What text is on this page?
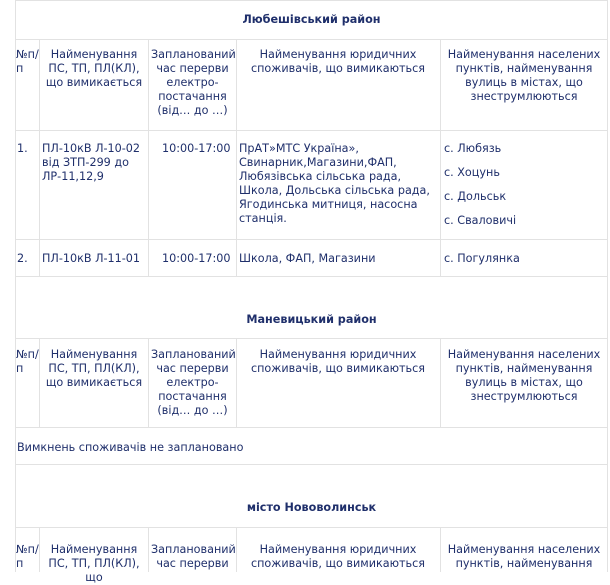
Любешівський район
№п/п
Найменування ПС, ТП, ПЛ(КЛ), що вимикається
Запланований час перерви електро-постачання (від… до …)
Найменування юридичних споживачів, що вимикаються
Найменування населених пунктів, найменування вулиць в містах, що знеструмлюються
1. ПЛ-10кВ Л-10-02 від ЗТП-299 до ЛР-11,12,9
10:00-17:00 ПрАТ»МТС Україна», Свинарник,Магазини,ФАП, Любязівська сільська рада, Школа, Дольська сільська рада, Ягодинська митниця, насосна станція.
с. Любязь
с. Хоцунь
с. Дольськ
с. Сваловичі
2. ПЛ-10кВ Л-11-01	10:00-17:00 Школа, ФАП, Магазини	с. Погулянка
Маневицький район
№п/п
Найменування ПС, ТП, ПЛ(КЛ), що вимикається
Запланований час перерви електро-постачання (від… до …)
Найменування юридичних споживачів, що вимикаються
Найменування населених пунктів, найменування вулиць в містах, що знеструмлюються
Вимкнень споживачів не заплановано
місто Нововолинськ
№п/п
Найменування ПС, ТП, ПЛ(КЛ), що
Запланований час перерви
Найменування юридичних споживачів, що вимикаються
Найменування населених пунктів, найменування
